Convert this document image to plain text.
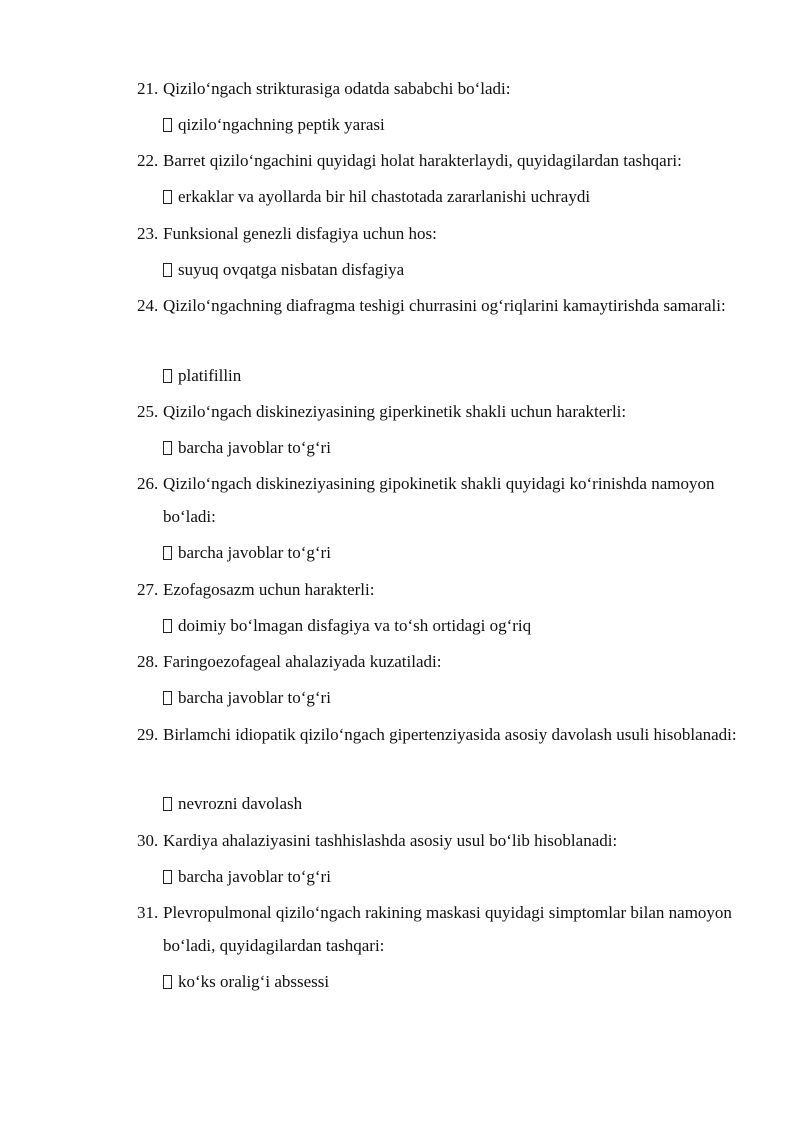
21. Qizilo‘ngach strikturasiga odatda sababchi bo‘ladi:
qizilo‘ngachning peptik yarasi
22. Barret qizilo‘ngachini quyidagi holat harakterlaydi, quyidagilardan tashqari:
erkaklar va ayollarda bir hil chastotada zararlanishi uchraydi
23. Funksional genezli disfagiya uchun hos:
suyuq ovqatga nisbatan disfagiya
24. Qizilo‘ngachning diafragma teshigi churrasini og‘riqlarini kamaytirishda samarali:
platifillin
25. Qizilo‘ngach diskineziyasining giperkinetik shakli uchun harakterli:
barcha javoblar to‘g‘ri
26. Qizilo‘ngach diskineziyasining gipokinetik shakli quyidagi ko‘rinishda namoyon bo‘ladi:
barcha javoblar to‘g‘ri
27. Ezofagosazm uchun harakterli:
doimiy bo‘lmagan disfagiya va to‘sh ortidagi og‘riq
28. Faringoezofageal ahalaziyada kuzatiladi:
barcha javoblar to‘g‘ri
29. Birlamchi idiopatik qizilo‘ngach gipertenziyasida asosiy davolash usuli hisoblanadi:
nevrozni davolash
30. Kardiya ahalaziyasini tashhislashda asosiy usul bo‘lib hisoblanadi:
barcha javoblar to‘g‘ri
31. Plevropulmonal qizilo‘ngach rakining maskasi quyidagi simptomlar bilan namoyon bo‘ladi, quyidagilardan tashqari:
ko‘ks oralig‘i abssessi
